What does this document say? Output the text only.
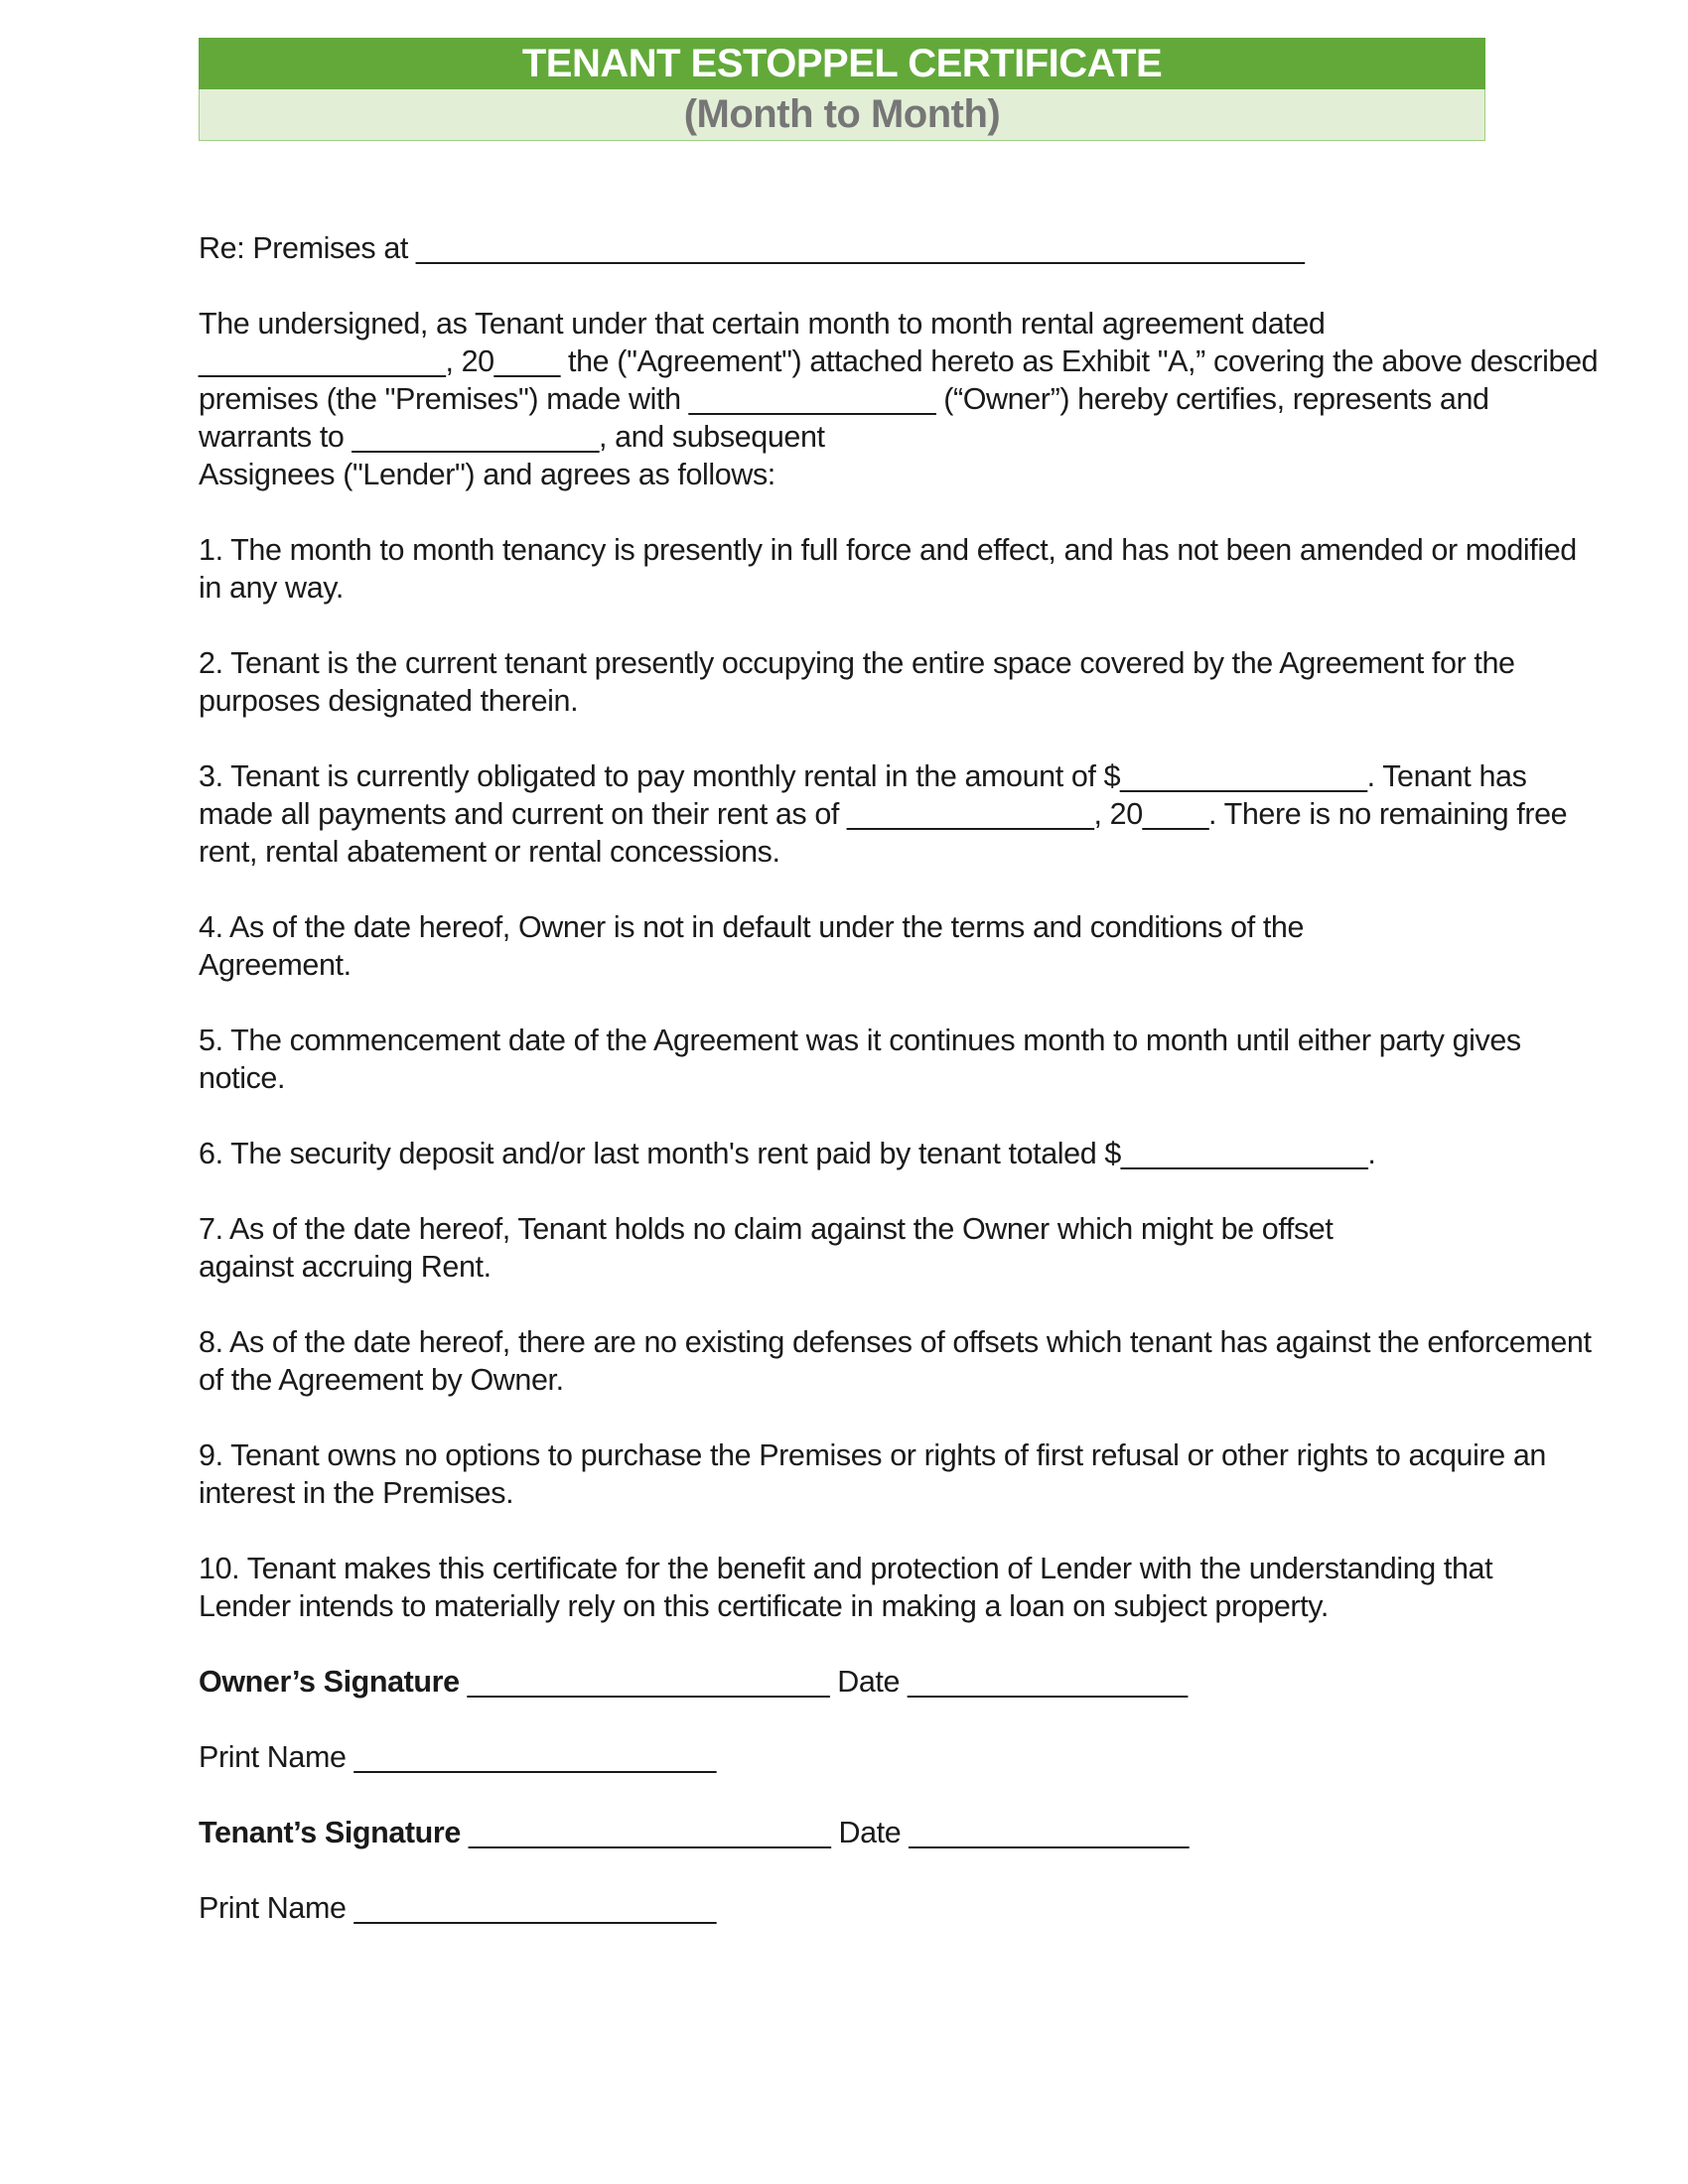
TENANT ESTOPPEL CERTIFICATE
(Month to Month)

Re: Premises at ______________________________________________________

The undersigned, as Tenant under that certain month to month rental agreement dated
_______________, 20____ the ("Agreement") attached hereto as Exhibit "A,” covering the above described
premises (the "Premises") made with _______________ (“Owner”) hereby certifies, represents and
warrants to _______________, and subsequent
Assignees ("Lender") and agrees as follows:

1. The month to month tenancy is presently in full force and effect, and has not been amended or modified
in any way.

2. Tenant is the current tenant presently occupying the entire space covered by the Agreement for the
purposes designated therein.

3. Tenant is currently obligated to pay monthly rental in the amount of $_______________. Tenant has
made all payments and current on their rent as of _______________, 20____. There is no remaining free
rent, rental abatement or rental concessions.

4. As of the date hereof, Owner is not in default under the terms and conditions of the
Agreement.

5. The commencement date of the Agreement was it continues month to month until either party gives
notice.

6. The security deposit and/or last month's rent paid by tenant totaled $_______________.

7. As of the date hereof, Tenant holds no claim against the Owner which might be offset
against accruing Rent.

8. As of the date hereof, there are no existing defenses of offsets which tenant has against the enforcement
of the Agreement by Owner.

9. Tenant owns no options to purchase the Premises or rights of first refusal or other rights to acquire an
interest in the Premises.

10. Tenant makes this certificate for the benefit and protection of Lender with the understanding that
Lender intends to materially rely on this certificate in making a loan on subject property.

Owner’s Signature ______________________ Date _________________

Print Name ______________________

Tenant’s Signature ______________________ Date _________________

Print Name ______________________
